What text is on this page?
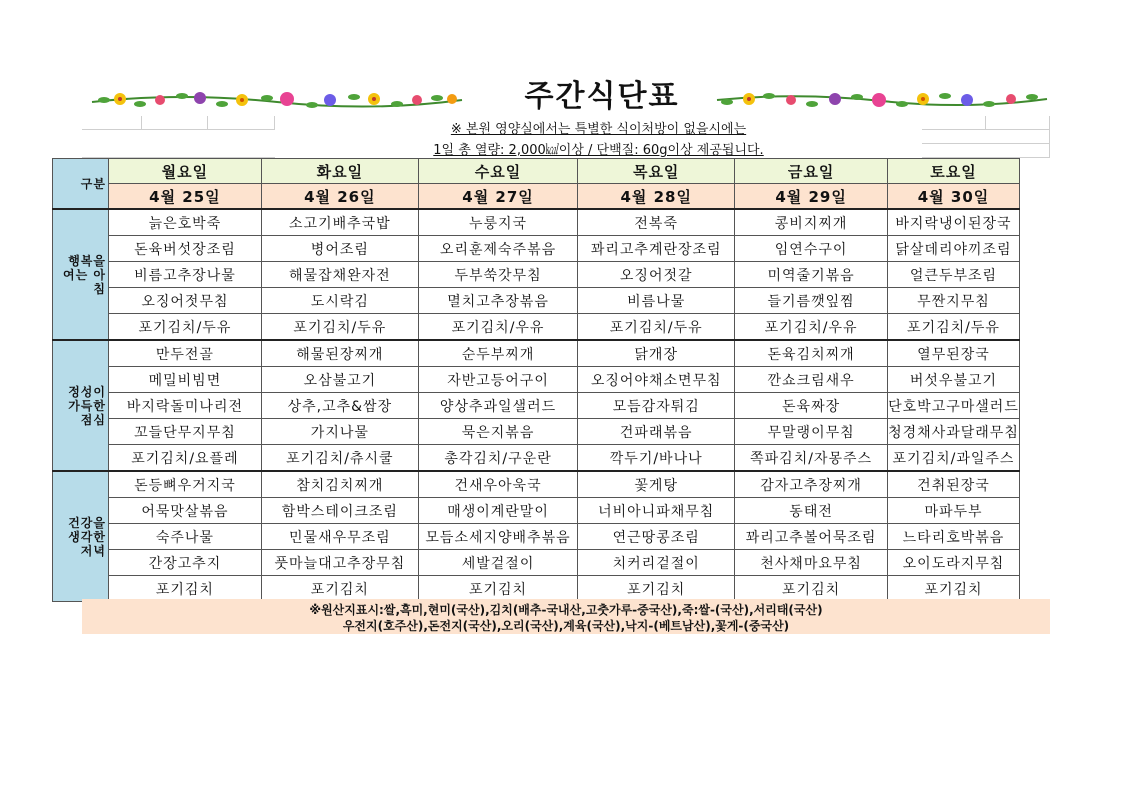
주간식단표
※ 본원 영양실에서는 특별한 식이처방이 없을시에는
1일 총 열량: 2,000㎉이상 / 단백질: 60g이상 제공됩니다.
구분	월요일	화요일	수요일	목요일	금요일	토요일
	4월 25일	4월 26일	4월 27일	4월 28일	4월 29일	4월 30일
행복을 여는 아침	늙은호박죽	소고기배추국밥	누룽지국	전복죽	콩비지찌개	바지락냉이된장국
	돈육버섯장조림	병어조림	오리훈제숙주볶음	꽈리고추계란장조림	임연수구이	닭살데리야끼조림
	비름고추장나물	해물잡채완자전	두부쑥갓무침	오징어젓갈	미역줄기볶음	얼큰두부조림
	오징어젓무침	도시락김	멸치고추장볶음	비름나물	들기름깻잎찜	무짠지무침
	포기김치/두유	포기김치/두유	포기김치/우유	포기김치/두유	포기김치/우유	포기김치/두유
정성이 가득한 점심	만두전골	해물된장찌개	순두부찌개	닭개장	돈육김치찌개	열무된장국
	메밀비빔면	오삼불고기	자반고등어구이	오징어야채소면무침	깐쇼크림새우	버섯우불고기
	바지락돌미나리전	상추,고추&쌈장	양상추과일샐러드	모듬감자튀김	돈육짜장	단호박고구마샐러드
	꼬들단무지무침	가지나물	묵은지볶음	건파래볶음	무말랭이무침	청경채사과달래무침
	포기김치/요플레	포기김치/츄시쿨	총각김치/구운란	깍두기/바나나	쪽파김치/자몽주스	포기김치/과일주스
건강을 생각한 저녁	돈등뼈우거지국	참치김치찌개	건새우아욱국	꽃게탕	감자고추장찌개	건취된장국
	어묵맛살볶음	함박스테이크조림	매생이계란말이	너비아니파채무침	동태전	마파두부
	숙주나물	민물새우무조림	모듬소세지양배추볶음	연근땅콩조림	꽈리고추볼어묵조림	느타리호박볶음
	간장고추지	풋마늘대고추장무침	세발겉절이	치커리겉절이	천사채마요무침	오이도라지무침
	포기김치	포기김치	포기김치	포기김치	포기김치	포기김치
※원산지표시:쌀,흑미,현미(국산),김치(배추-국내산,고춧가루-중국산),죽:쌀-(국산),서리태(국산)
우전지(호주산),돈전지(국산),오리(국산),계육(국산),낙지-(베트남산),꽃게-(중국산)
